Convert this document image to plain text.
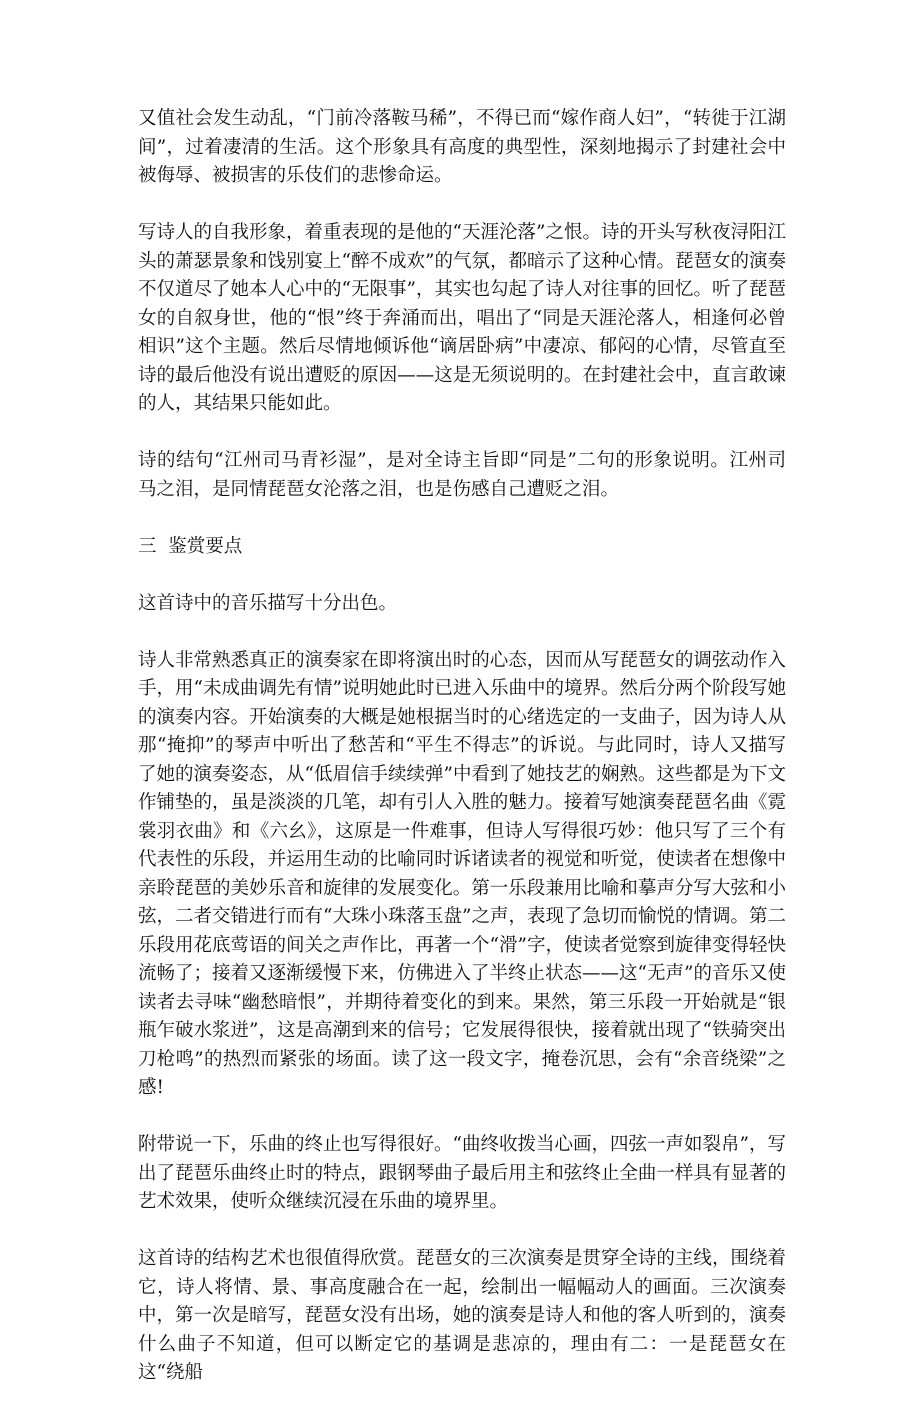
又值社会发生动乱，“门前冷落鞍马稀”，不得已而“嫁作商人妇”，“转徙于江湖间”，过着凄清的生活。这个形象具有高度的典型性，深刻地揭示了封建社会中被侮辱、被损害的乐伎们的悲惨命运。

写诗人的自我形象，着重表现的是他的“天涯沦落”之恨。诗的开头写秋夜浔阳江头的萧瑟景象和饯别宴上“醉不成欢”的气氛，都暗示了这种心情。琵琶女的演奏不仅道尽了她本人心中的“无限事”，其实也勾起了诗人对往事的回忆。听了琵琶女的自叙身世，他的“恨”终于奔涌而出，唱出了“同是天涯沦落人，相逢何必曾相识”这个主题。然后尽情地倾诉他“谪居卧病”中凄凉、郁闷的心情，尽管直至诗的最后他没有说出遭贬的原因——这是无须说明的。在封建社会中，直言敢谏的人，其结果只能如此。

诗的结句“江州司马青衫湿”，是对全诗主旨即“同是”二句的形象说明。江州司马之泪，是同情琵琶女沦落之泪，也是伤感自己遭贬之泪。

三  鉴赏要点

这首诗中的音乐描写十分出色。

诗人非常熟悉真正的演奏家在即将演出时的心态，因而从写琵琶女的调弦动作入手，用“未成曲调先有情”说明她此时已进入乐曲中的境界。然后分两个阶段写她的演奏内容。开始演奏的大概是她根据当时的心绪选定的一支曲子，因为诗人从那“掩抑”的琴声中听出了愁苦和“平生不得志”的诉说。与此同时，诗人又描写了她的演奏姿态，从“低眉信手续续弹”中看到了她技艺的娴熟。这些都是为下文作铺垫的，虽是淡淡的几笔，却有引人入胜的魅力。接着写她演奏琵琶名曲《霓裳羽衣曲》和《六幺》，这原是一件难事，但诗人写得很巧妙：他只写了三个有代表性的乐段，并运用生动的比喻同时诉诸读者的视觉和听觉，使读者在想像中亲聆琵琶的美妙乐音和旋律的发展变化。第一乐段兼用比喻和摹声分写大弦和小弦，二者交错进行而有“大珠小珠落玉盘”之声，表现了急切而愉悦的情调。第二乐段用花底莺语的间关之声作比，再著一个“滑”字，使读者觉察到旋律变得轻快流畅了；接着又逐渐缓慢下来，仿佛进入了半终止状态——这“无声”的音乐又使读者去寻味“幽愁暗恨”，并期待着变化的到来。果然，第三乐段一开始就是“银瓶乍破水浆迸”，这是高潮到来的信号；它发展得很快，接着就出现了“铁骑突出刀枪鸣”的热烈而紧张的场面。读了这一段文字，掩卷沉思，会有“余音绕梁”之感!

附带说一下，乐曲的终止也写得很好。“曲终收拨当心画，四弦一声如裂帛”，写出了琵琶乐曲终止时的特点，跟钢琴曲子最后用主和弦终止全曲一样具有显著的艺术效果，使听众继续沉浸在乐曲的境界里。

这首诗的结构艺术也很值得欣赏。琵琶女的三次演奏是贯穿全诗的主线，围绕着它，诗人将情、景、事高度融合在一起，绘制出一幅幅动人的画面。三次演奏中，第一次是暗写，琵琶女没有出场，她的演奏是诗人和他的客人听到的，演奏什么曲子不知道，但可以断定它的基调是悲凉的，理由有二：一是琵琶女在这“绕船
